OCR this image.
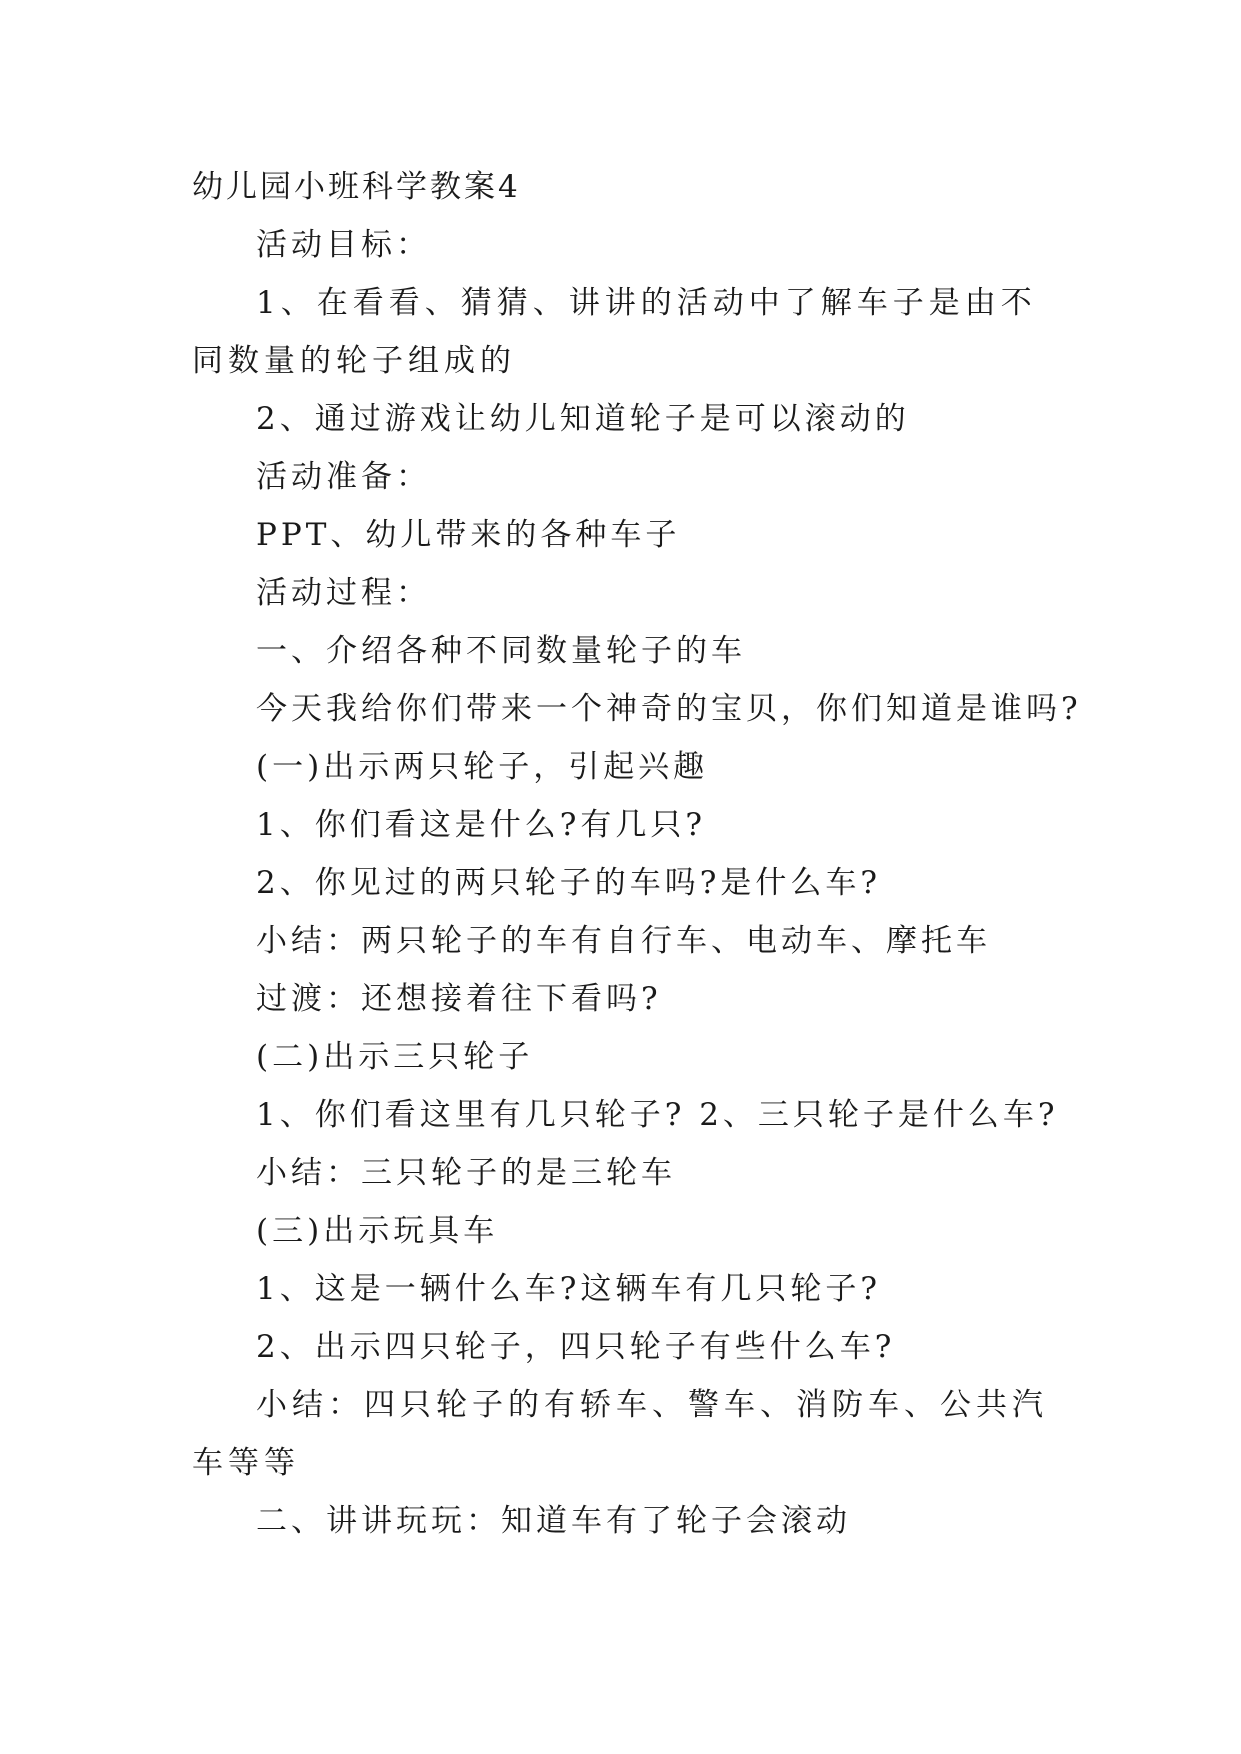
幼儿园小班科学教案4
活动目标：
1、在看看、猜猜、讲讲的活动中了解车子是由不同数量的轮子组成的
2、通过游戏让幼儿知道轮子是可以滚动的
活动准备：
PPT、幼儿带来的各种车子
活动过程：
一、介绍各种不同数量轮子的车
今天我给你们带来一个神奇的宝贝，你们知道是谁吗?
(一)出示两只轮子，引起兴趣
1、你们看这是什么?有几只?
2、你见过的两只轮子的车吗?是什么车?
小结：两只轮子的车有自行车、电动车、摩托车
过渡：还想接着往下看吗?
(二)出示三只轮子
1、你们看这里有几只轮子? 2、三只轮子是什么车?
小结：三只轮子的是三轮车
(三)出示玩具车
1、这是一辆什么车?这辆车有几只轮子?
2、出示四只轮子，四只轮子有些什么车?
小结：四只轮子的有轿车、警车、消防车、公共汽车等等
二、讲讲玩玩：知道车有了轮子会滚动
